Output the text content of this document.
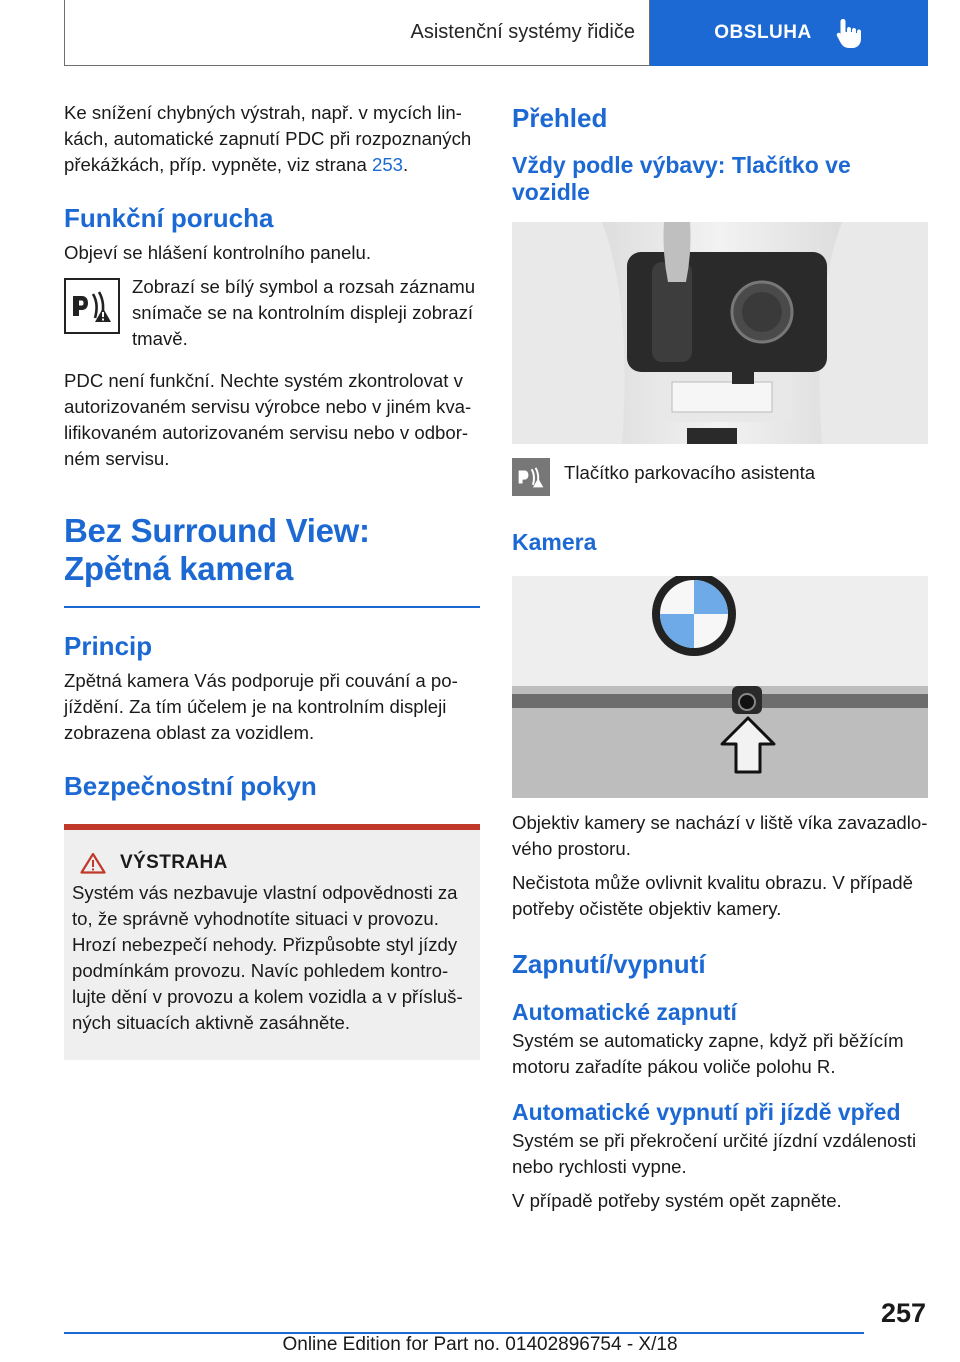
Asistenční systémy řidiče	OBSLUHA

Ke snížení chybných výstrah, např. v mycích lin‐kách, automatické zapnutí PDC při rozpoznaných překážkách, příp. vypněte, viz strana 253.

Funkční porucha

Objeví se hlášení kontrolního panelu.

Zobrazí se bílý symbol a rozsah záznamu snímače se na kontrolním displeji zobrazí tmavě.

PDC není funkční. Nechte systém zkontrolovat v autorizovaném servisu výrobce nebo v jiném kva‐lifikovaném autorizovaném servisu nebo v odbor‐ném servisu.

Bez Surround View: Zpětná kamera
Princip

Zpětná kamera Vás podporuje při couvání a po‐jíždění. Za tím účelem je na kontrolním displeji zobrazena oblast za vozidlem.

Bezpečnostní pokyn
VÝSTRAHA

Systém vás nezbavuje vlastní odpovědnosti za to, že správně vyhodnotíte situaci v provozu. Hrozí nebezpečí nehody. Přizpůsobte styl jízdy podmínkám provozu. Navíc pohledem kontro‐lujte dění v provozu a kolem vozidla a v přísluš‐ných situacích aktivně zasáhněte.

Přehled
Vždy podle výbavy: Tlačítko ve vozidle

Tlačítko parkovacího asistenta

Kamera

Objektiv kamery se nachází v liště víka zavazadlo‐vého prostoru.

Nečistota může ovlivnit kvalitu obrazu. V případě potřeby očistěte objektiv kamery.

Zapnutí/vypnutí
Automatické zapnutí

Systém se automaticky zapne, když při běžícím motoru zařadíte pákou voliče polohu R.

Automatické vypnutí při jízdě vpřed

Systém se při překročení určité jízdní vzdálenosti nebo rychlosti vypne.

V případě potřeby systém opět zapněte.

257
Online Edition for Part no. 01402896754 - X/18
